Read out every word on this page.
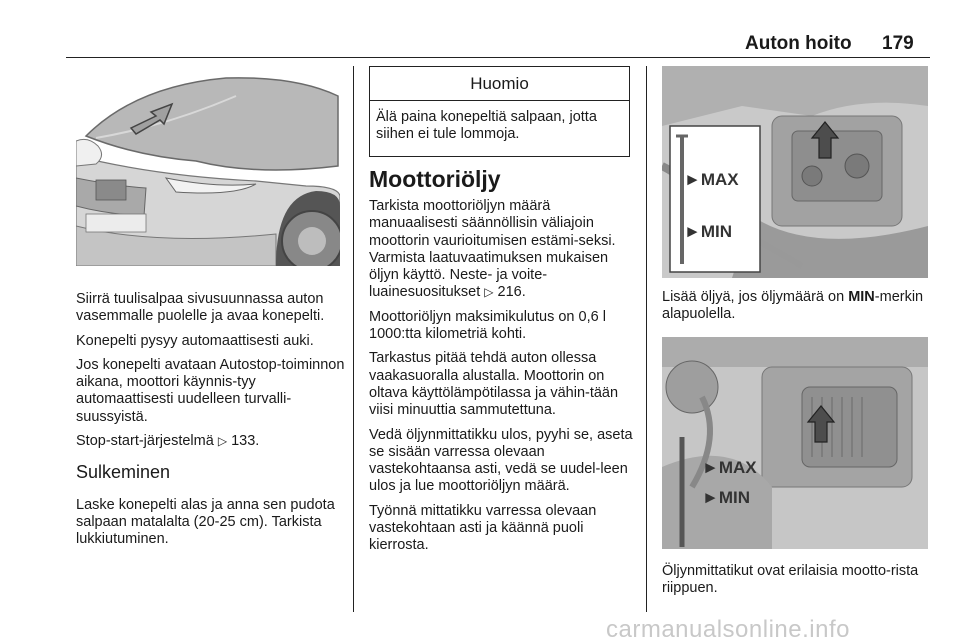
Auton hoito 179

Siirrä tuulisalpaa sivusuunnassa auton vasemmalle puolelle ja avaa konepelti.

Konepelti pysyy automaattisesti auki.

Jos konepelti avataan Autostop-toiminnon aikana, moottori käynnis-tyy automaattisesti uudelleen turvalli-suussyistä.

Stop-start-järjestelmä ▷ 133.

Sulkeminen

Laske konepelti alas ja anna sen pudota salpaan matalalta (20-25 cm). Tarkista lukkiutuminen.

Huomio
Älä paina konepeltiä salpaan, jotta siihen ei tule lommoja.
Moottoriöljy

Tarkista moottoriöljyn määrä manuaalisesti säännöllisin väliajoin moottorin vaurioitumisen estämi-seksi. Varmista laatuvaatimuksen mukaisen öljyn käyttö. Neste- ja voite-luainesuositukset ▷ 216.

Moottoriöljyn maksimikulutus on 0,6 l 1000:tta kilometriä kohti.

Tarkastus pitää tehdä auton ollessa vaakasuoralla alustalla. Moottorin on oltava käyttölämpötilassa ja vähin-tään viisi minuuttia sammutettuna.

Vedä öljynmittatikku ulos, pyyhi se, aseta se sisään varressa olevaan vastekohtaansa asti, vedä se uudel-leen ulos ja lue moottoriöljyn määrä.

Työnnä mittatikku varressa olevaan vastekohtaan asti ja käännä puoli kierrosta.

►MAX
►MIN

Lisää öljyä, jos öljymäärä on MIN-merkin alapuolella.

►MAX
►MIN

Öljynmittatikut ovat erilaisia mootto-rista riippuen.

carmanualsonline.info
